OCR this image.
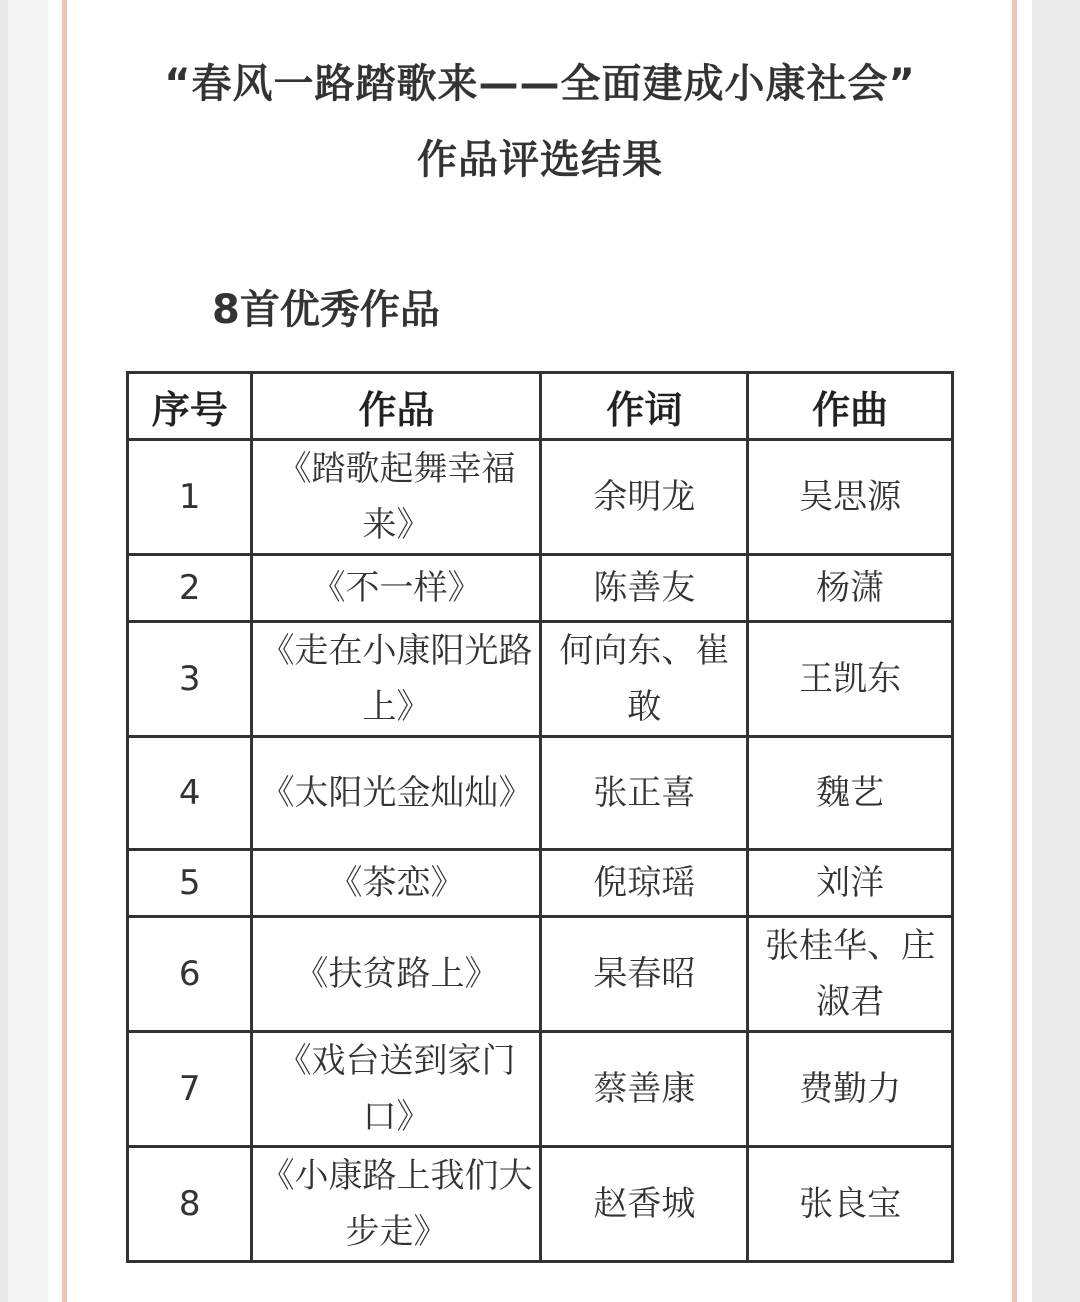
“春风一路踏歌来——全面建成小康社会”
作品评选结果
8首优秀作品
序号	作品	作词	作曲
1	《踏歌起舞幸福来》	余明龙	吴思源
2	《不一样》	陈善友	杨潇
3	《走在小康阳光路上》	何向东、崔敢	王凯东
4	《太阳光金灿灿》	张正喜	魏艺
5	《茶恋》	倪琼瑶	刘洋
6	《扶贫路上》	杲春昭	张桂华、庄淑君
7	《戏台送到家门口》	蔡善康	费勤力
8	《小康路上我们大步走》	赵香城	张良宝
